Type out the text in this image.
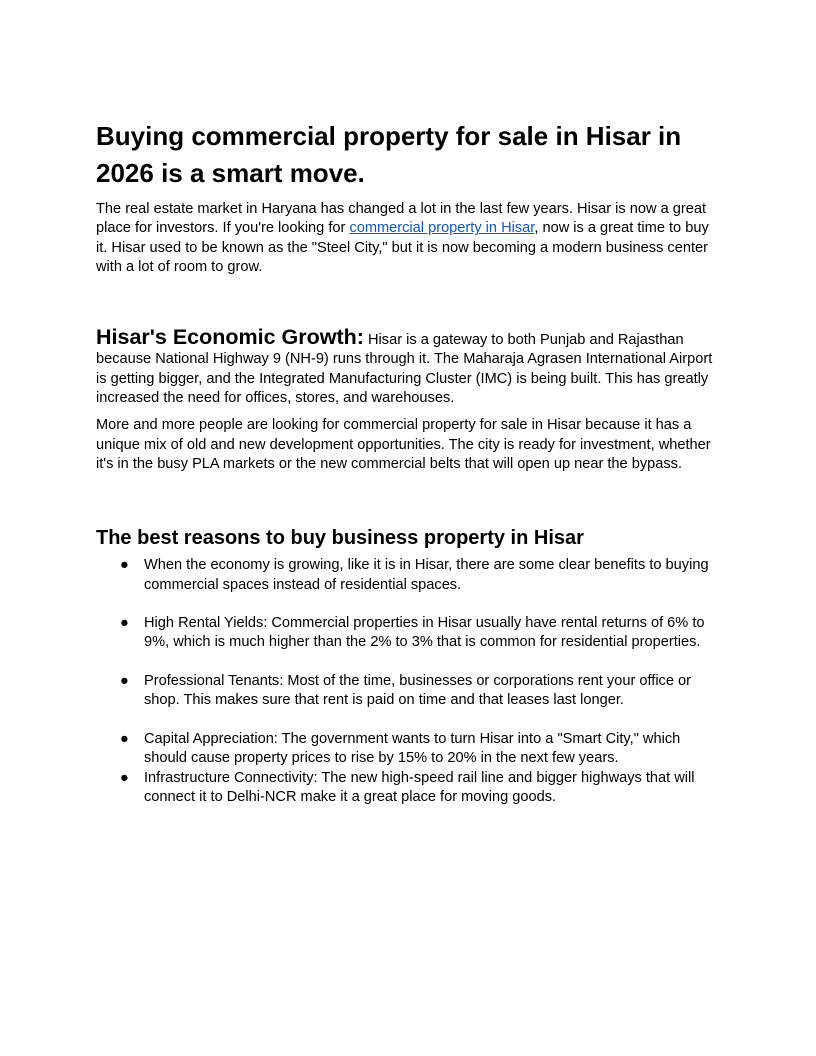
Buying commercial property for sale in Hisar in 2026 is a smart move.

The real estate market in Haryana has changed a lot in the last few years. Hisar is now a great place for investors. If you're looking for commercial property in Hisar, now is a great time to buy it. Hisar used to be known as the "Steel City," but it is now becoming a modern business center with a lot of room to grow.

Hisar's Economic Growth: Hisar is a gateway to both Punjab and Rajasthan because National Highway 9 (NH-9) runs through it. The Maharaja Agrasen International Airport is getting bigger, and the Integrated Manufacturing Cluster (IMC) is being built. This has greatly increased the need for offices, stores, and warehouses.

More and more people are looking for commercial property for sale in Hisar because it has a unique mix of old and new development opportunities. The city is ready for investment, whether it's in the busy PLA markets or the new commercial belts that will open up near the bypass.

The best reasons to buy business property in Hisar
● When the economy is growing, like it is in Hisar, there are some clear benefits to buying commercial spaces instead of residential spaces.
● High Rental Yields: Commercial properties in Hisar usually have rental returns of 6% to 9%, which is much higher than the 2% to 3% that is common for residential properties.
● Professional Tenants: Most of the time, businesses or corporations rent your office or shop. This makes sure that rent is paid on time and that leases last longer.
● Capital Appreciation: The government wants to turn Hisar into a "Smart City," which should cause property prices to rise by 15% to 20% in the next few years.
● Infrastructure Connectivity: The new high-speed rail line and bigger highways that will connect it to Delhi-NCR make it a great place for moving goods.
